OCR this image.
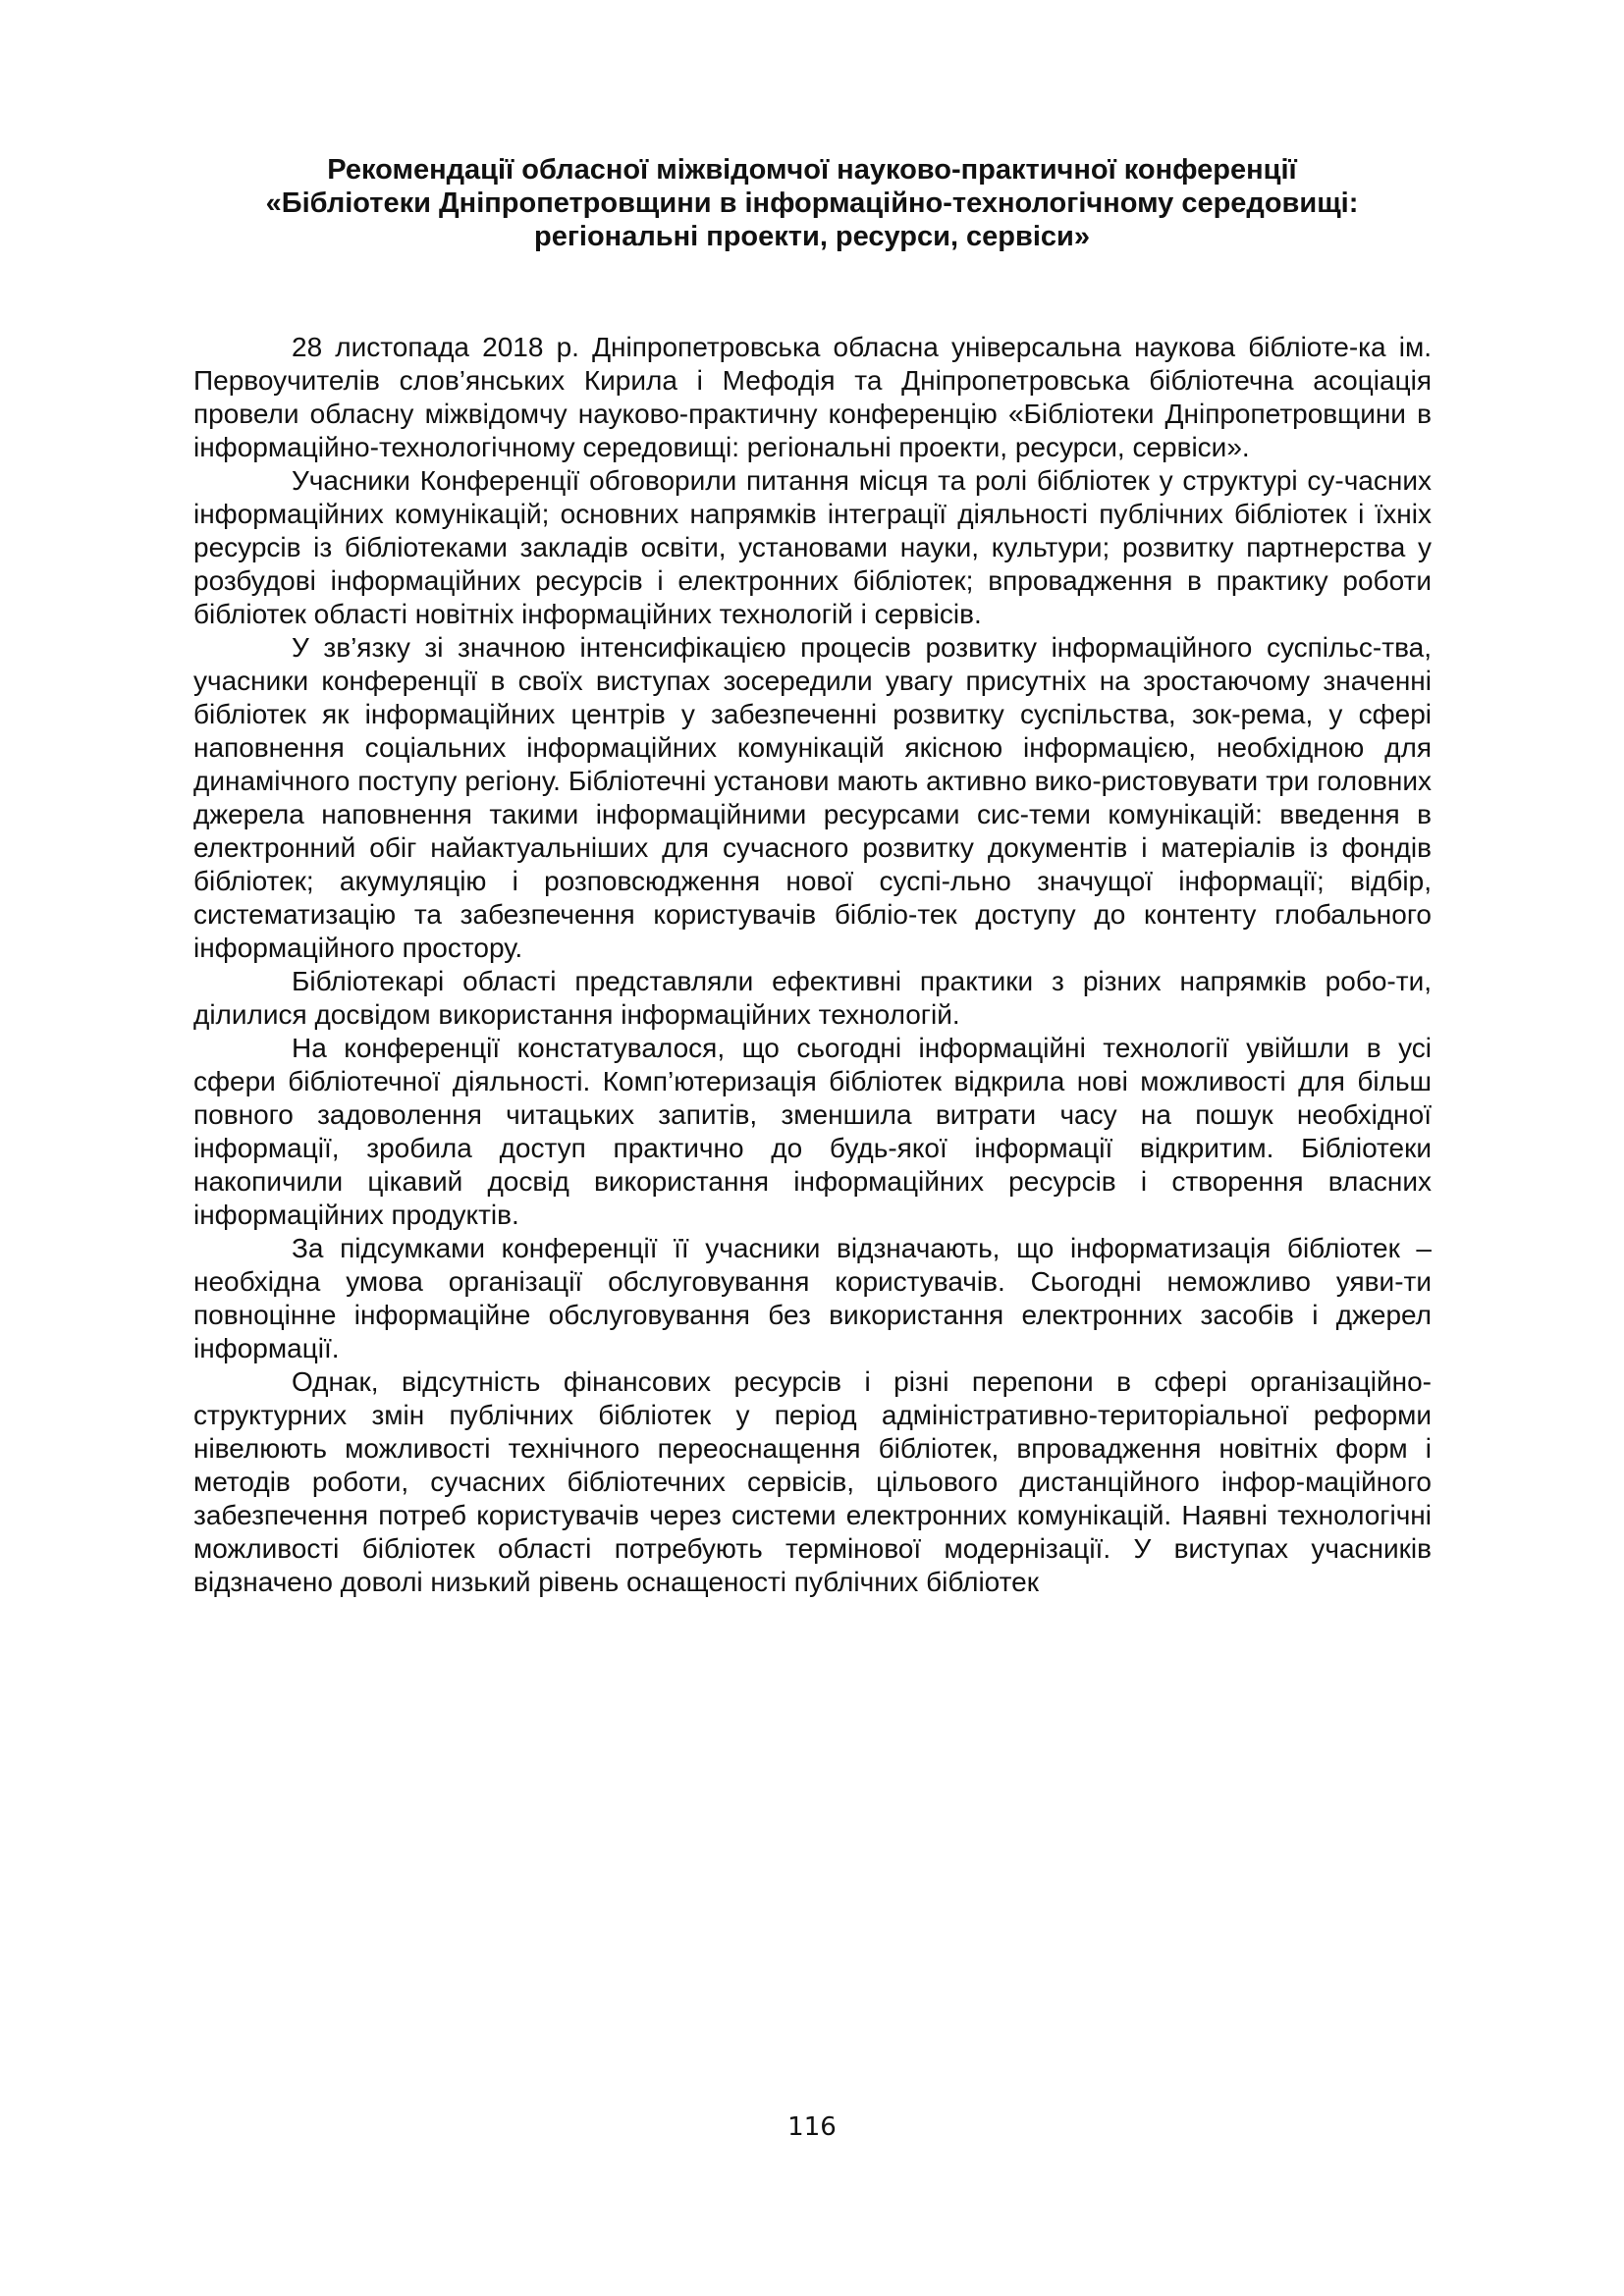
Рекомендації обласної міжвідомчої науково-практичної конференції
«Бібліотеки Дніпропетровщини в інформаційно-технологічному середовищі:
регіональні проекти, ресурси, сервіси»

28 листопада 2018 р. Дніпропетровська обласна універсальна наукова бібліоте-ка ім. Первоучителів слов’янських Кирила і Мефодія та Дніпропетровська бібліотечна асоціація провели обласну міжвідомчу науково-практичну конференцію «Бібліотеки Дніпропетровщини в інформаційно-технологічному середовищі: регіональні проекти, ресурси, сервіси».

Учасники Конференції обговорили питання місця та ролі бібліотек у структурі су-часних інформаційних комунікацій; основних напрямків інтеграції діяльності публічних бібліотек і їхніх ресурсів із бібліотеками закладів освіти, установами науки, культури; розвитку партнерства у розбудові інформаційних ресурсів і електронних бібліотек; впровадження в практику роботи бібліотек області новітніх інформаційних технологій і сервісів.

У зв’язку зі значною інтенсифікацією процесів розвитку інформаційного суспільс-тва, учасники конференції в своїх виступах зосередили увагу присутніх на зростаючому значенні бібліотек як інформаційних центрів у забезпеченні розвитку суспільства, зок-рема, у сфері наповнення соціальних інформаційних комунікацій якісною інформацією, необхідною для динамічного поступу регіону. Бібліотечні установи мають активно вико-ристовувати три головних джерела наповнення такими інформаційними ресурсами сис-теми комунікацій: введення в електронний обіг найактуальніших для сучасного розвитку документів і матеріалів із фондів бібліотек; акумуляцію і розповсюдження нової суспі-льно значущої інформації; відбір, систематизацію та забезпечення користувачів бібліо-тек доступу до контенту глобального інформаційного простору.

Бібліотекарі області представляли ефективні практики з різних напрямків робо-ти, ділилися досвідом використання інформаційних технологій.

На конференції констатувалося, що сьогодні інформаційні технології увійшли в усі сфери бібліотечної діяльності. Комп’ютеризація бібліотек відкрила нові можливості для більш повного задоволення читацьких запитів, зменшила витрати часу на пошук необхідної інформації, зробила доступ практично до будь-якої інформації відкритим. Бібліотеки накопичили цікавий досвід використання інформаційних ресурсів і створення власних інформаційних продуктів.

За підсумками конференції її учасники відзначають, що інформатизація бібліотек – необхідна умова організації обслуговування користувачів. Сьогодні неможливо уяви-ти повноцінне інформаційне обслуговування без використання електронних засобів і джерел інформації.

Однак, відсутність фінансових ресурсів і різні перепони в сфері організаційно-структурних змін публічних бібліотек у період адміністративно-територіальної реформи нівелюють можливості технічного переоснащення бібліотек, впровадження новітніх форм і методів роботи, сучасних бібліотечних сервісів, цільового дистанційного інфор-маційного забезпечення потреб користувачів через системи електронних комунікацій. Наявні технологічні можливості бібліотек області потребують термінової модернізації. У виступах учасників відзначено доволі низький рівень оснащеності публічних бібліотек

116
